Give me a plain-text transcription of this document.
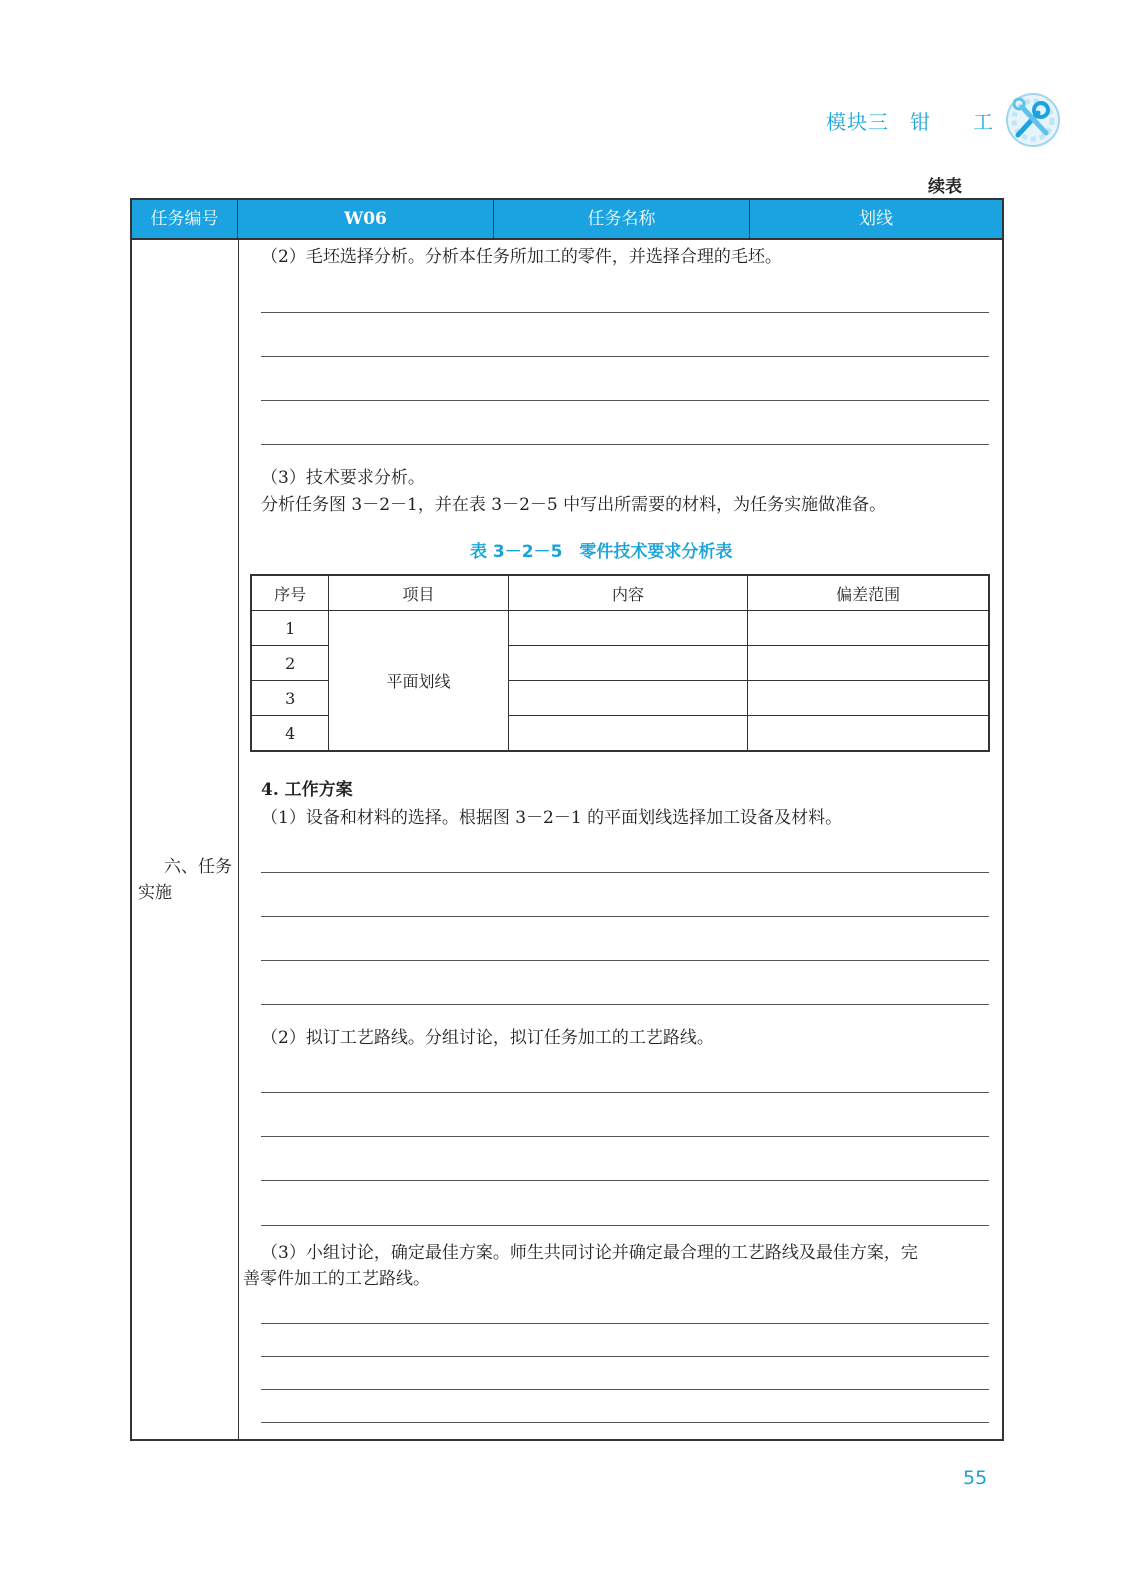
模块三　钳　　工
续表
任务编号	W06	任务名称	划线
六、任务
实施
（2）毛坯选择分析。分析本任务所加工的零件，并选择合理的毛坯。
（3）技术要求分析。
分析任务图 3－2－1，并在表 3－2－5 中写出所需要的材料，为任务实施做准备。
表 3－2－5　零件技术要求分析表
序号	项目	内容	偏差范围
1	平面划线		
2			
3			
4			
4. 工作方案
（1）设备和材料的选择。根据图 3－2－1 的平面划线选择加工设备及材料。
（2）拟订工艺路线。分组讨论，拟订任务加工的工艺路线。
（3）小组讨论，确定最佳方案。师生共同讨论并确定最合理的工艺路线及最佳方案，完
善零件加工的工艺路线。
55
